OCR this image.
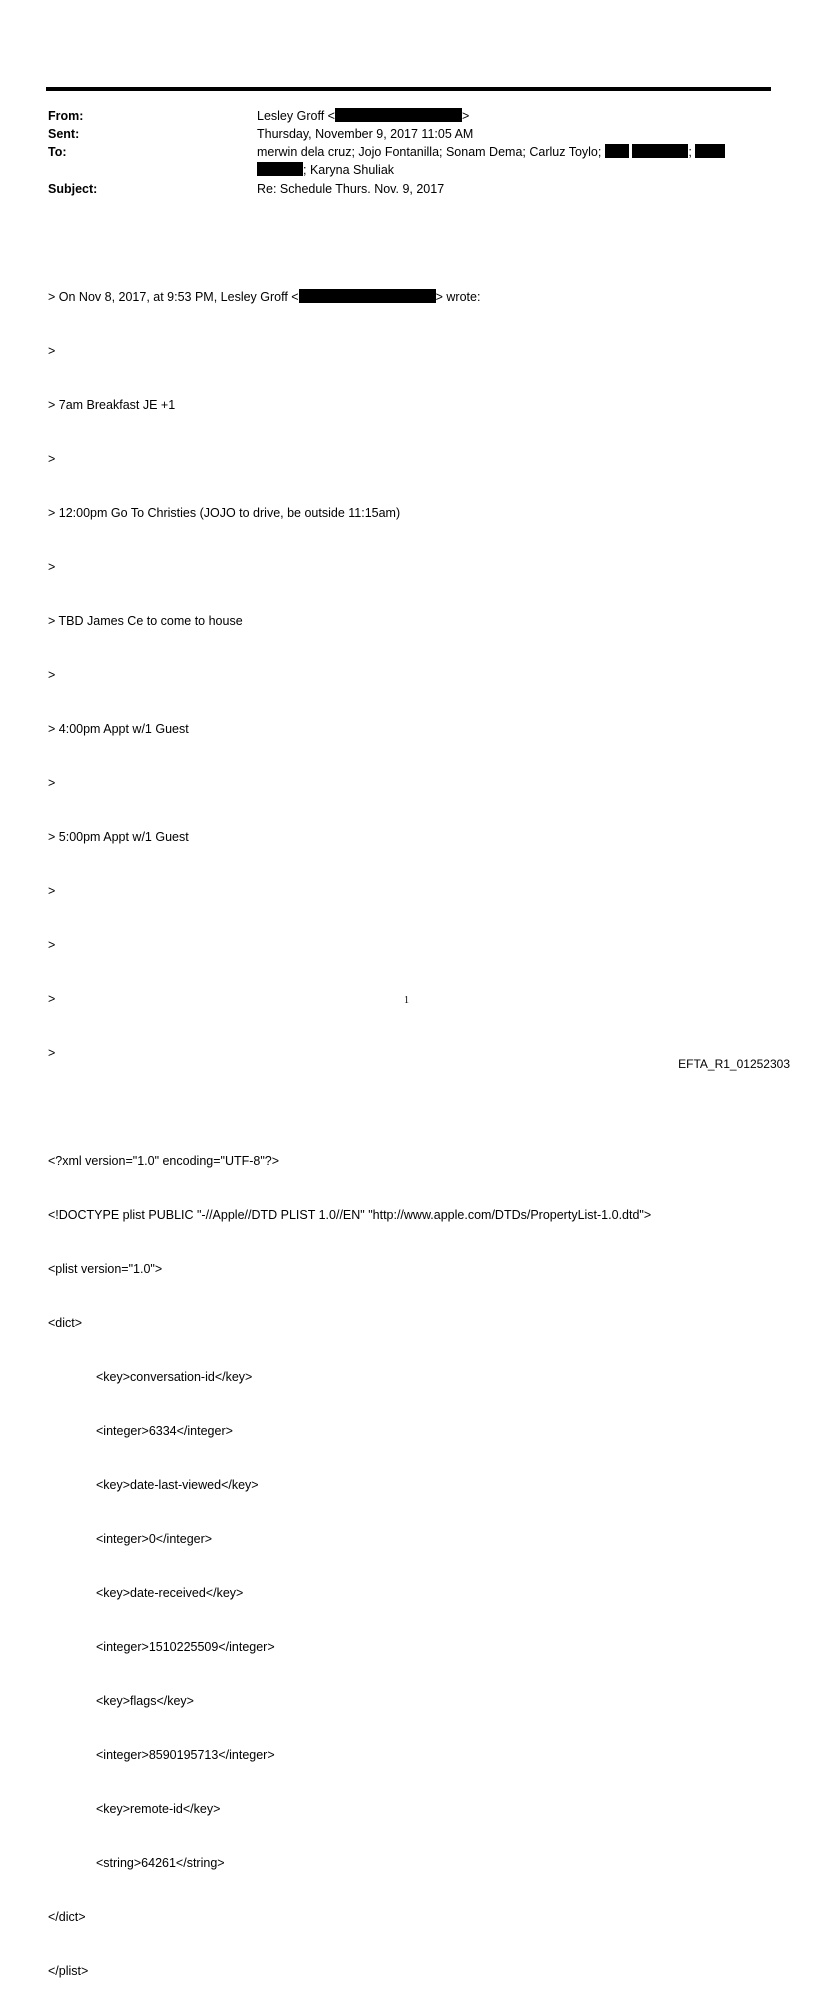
From:	Lesley Groff <	>
Sent:	Thursday, November 9, 2017 11:05 AM
To:	merwin dela cruz; Jojo Fontanilla; Sonam Dema; Carluz Toylo;	;
; Karyna Shuliak
Subject:	Re: Schedule Thurs. Nov. 9, 2017

> On Nov 8, 2017, at 9:53 PM, Lesley Groff <	> wrote:

>

> 7am Breakfast JE +1

>

> 12:00pm Go To Christies (JOJO to drive, be outside 11:15am)

>

> TBD James Ce to come to house

>

> 4:00pm Appt w/1 Guest

>

> 5:00pm Appt w/1 Guest

>

>

>

>

<?xml version="1.0" encoding="UTF-8"?>

<!DOCTYPE plist PUBLIC "-//Apple//DTD PLIST 1.0//EN" "http://www.apple.com/DTDs/PropertyList-1.0.dtd">

<plist version="1.0">

<dict>

<key>conversation-id</key>

<integer>6334</integer>

<key>date-last-viewed</key>

<integer>0</integer>

<key>date-received</key>

<integer>1510225509</integer>

<key>flags</key>

<integer>8590195713</integer>

<key>remote-id</key>

<string>64261</string>

</dict>

</plist>

1
EFTA_R1_01252303
